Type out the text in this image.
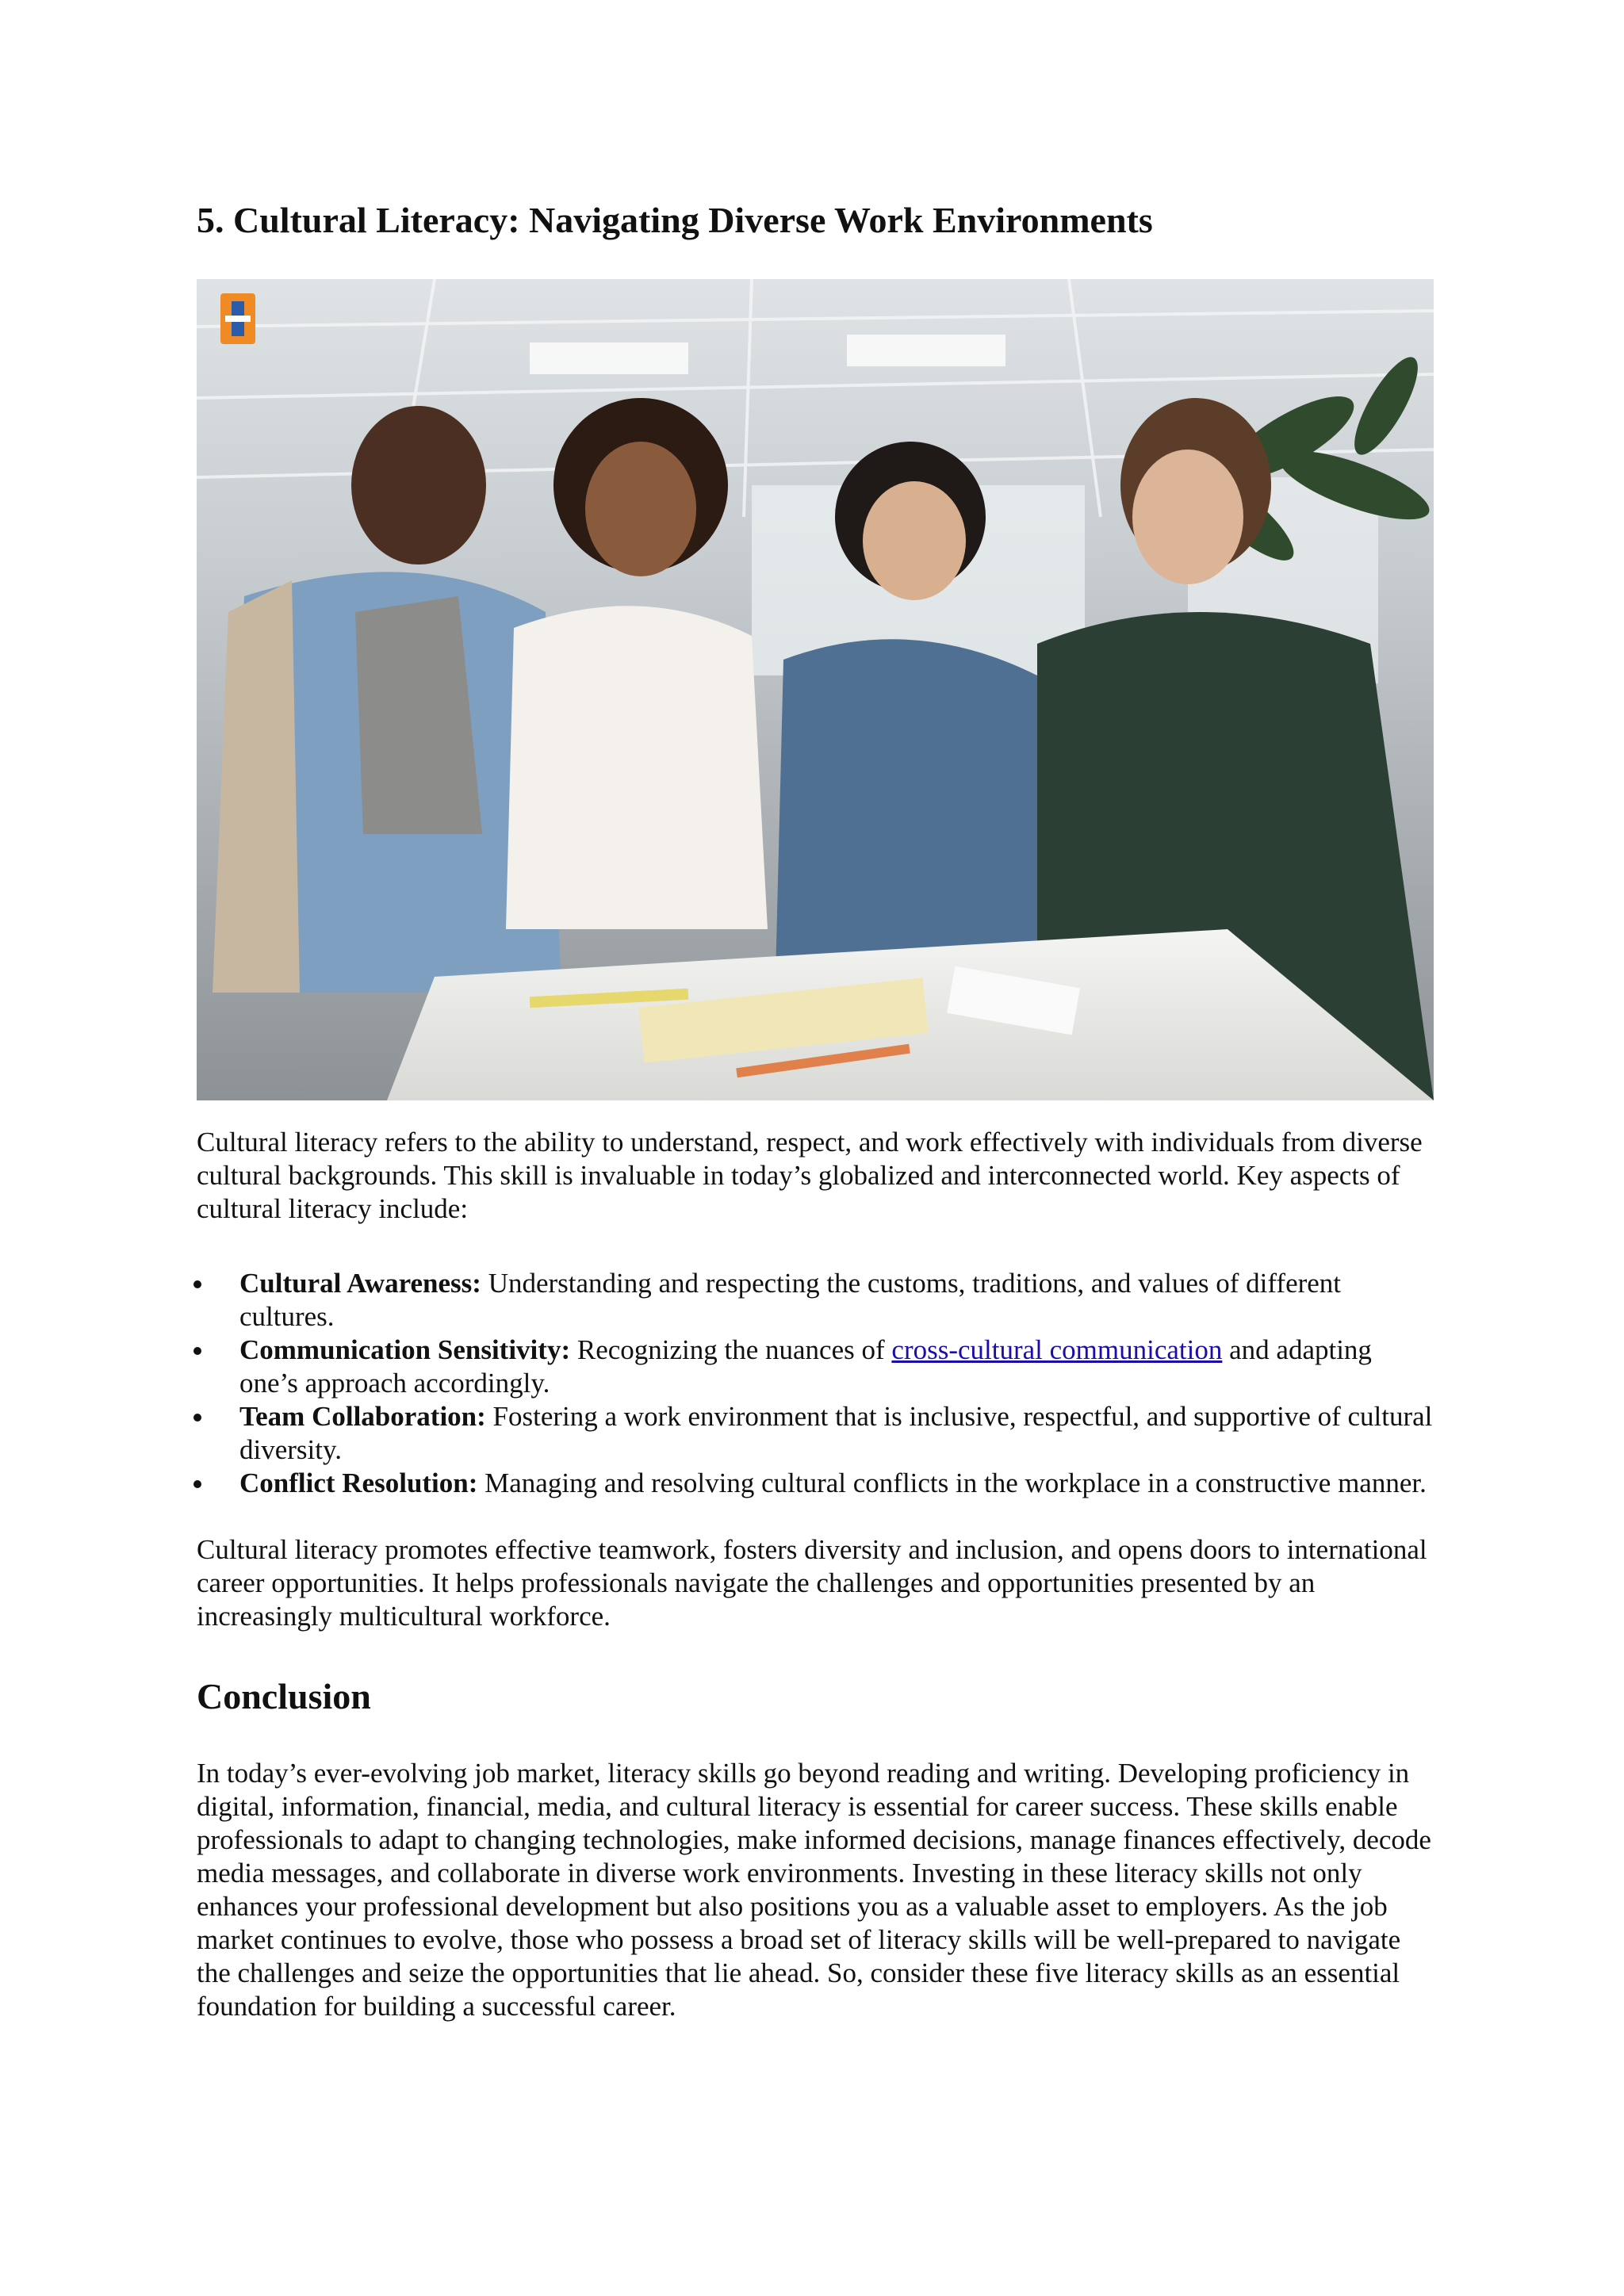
5. Cultural Literacy: Navigating Diverse Work Environments

Cultural literacy refers to the ability to understand, respect, and work effectively with individuals from diverse cultural backgrounds. This skill is invaluable in today’s globalized and interconnected world. Key aspects of cultural literacy include:

Cultural Awareness: Understanding and respecting the customs, traditions, and values of different cultures.
Communication Sensitivity: Recognizing the nuances of cross-cultural communication and adapting one’s approach accordingly.
Team Collaboration: Fostering a work environment that is inclusive, respectful, and supportive of cultural diversity.
Conflict Resolution: Managing and resolving cultural conflicts in the workplace in a constructive manner.

Cultural literacy promotes effective teamwork, fosters diversity and inclusion, and opens doors to international career opportunities. It helps professionals navigate the challenges and opportunities presented by an increasingly multicultural workforce.

Conclusion

In today’s ever-evolving job market, literacy skills go beyond reading and writing. Developing proficiency in digital, information, financial, media, and cultural literacy is essential for career success. These skills enable professionals to adapt to changing technologies, make informed decisions, manage finances effectively, decode media messages, and collaborate in diverse work environments. Investing in these literacy skills not only enhances your professional development but also positions you as a valuable asset to employers. As the job market continues to evolve, those who possess a broad set of literacy skills will be well-prepared to navigate the challenges and seize the opportunities that lie ahead. So, consider these five literacy skills as an essential foundation for building a successful career.
